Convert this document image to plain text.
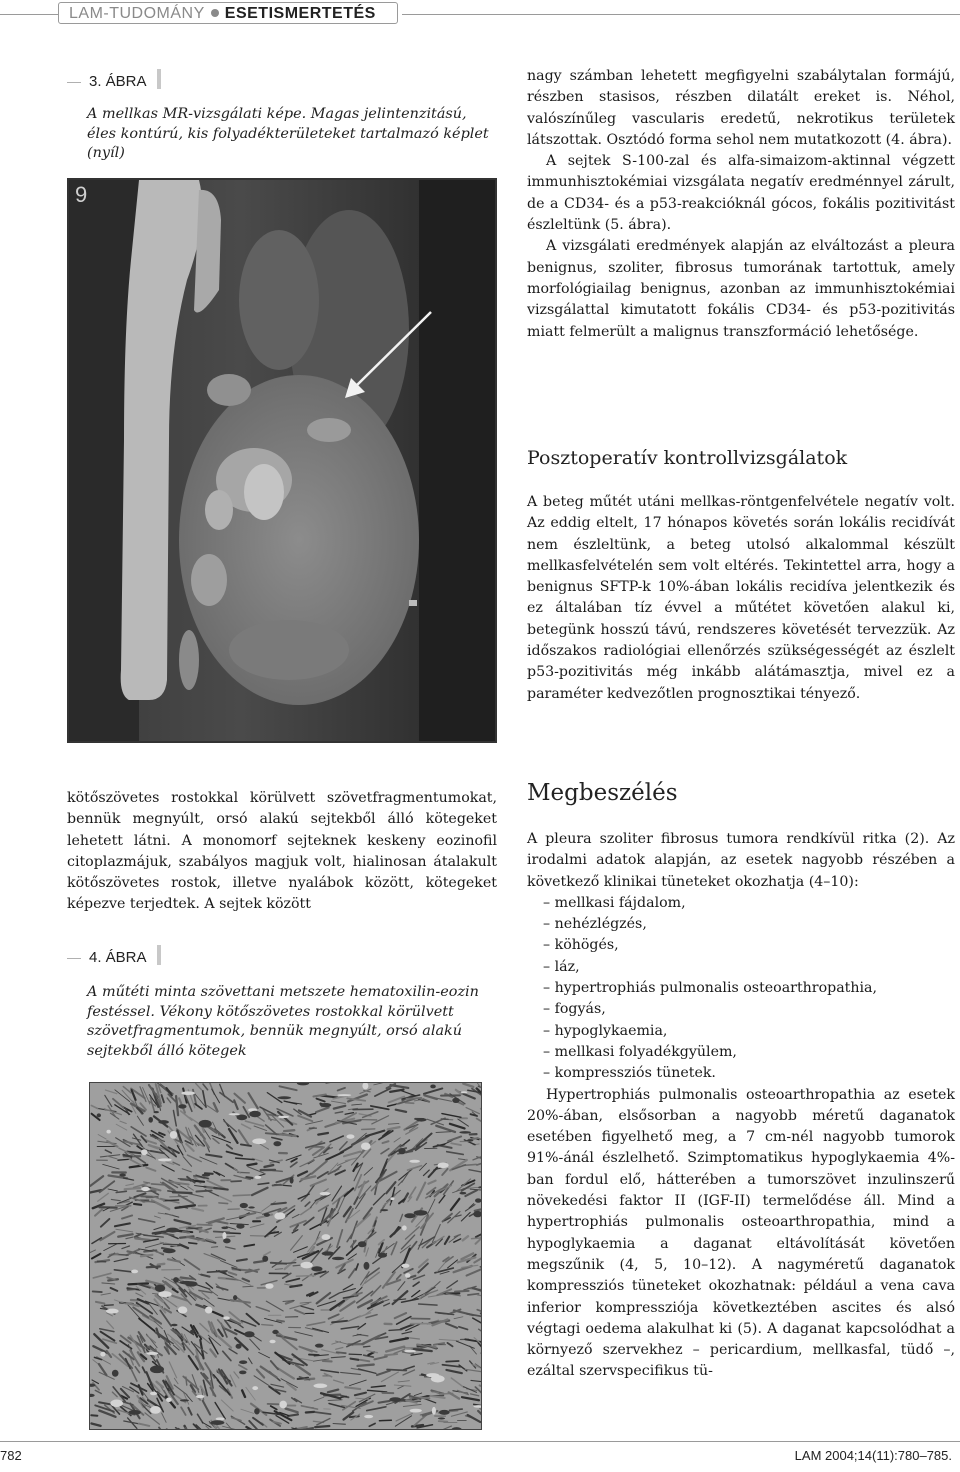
LAM-TUDOMÁNY ESETISMERTETÉS
3. ÁBRA
A mellkas MR-vizsgálati képe. Magas jelintenzitású, éles kontúrú, kis folyadékterületeket tartalmazó képlet (nyíl)
9

nagy számban lehetett megfigyelni szabálytalan formájú, részben stasisos, részben dilatált ereket is. Néhol, valószínűleg vascularis eredetű, nekrotikus területek látszottak. Osztódó forma sehol nem mutatkozott (4. ábra).

A sejtek S-100-zal és alfa-simaizom-aktinnal végzett immunhisztokémiai vizsgálata negatív eredménnyel zárult, de a CD34- és a p53-reakcióknál gócos, fokális pozitivitást észleltünk (5. ábra).

A vizsgálati eredmények alapján az elváltozást a pleura benignus, szoliter, fibrosus tumorának tartottuk, amely morfológiailag benignus, azonban az immunhisztokémiai vizsgálattal kimutatott fokális CD34- és p53-pozitivitás miatt felmerült a malignus transzformáció lehetősége.

Posztoperatív kontrollvizsgálatok

A beteg műtét utáni mellkas-röntgenfelvétele negatív volt. Az eddig eltelt, 17 hónapos követés során lokális recidívát nem észleltünk, a beteg utolsó alkalommal készült mellkasfelvételén sem volt eltérés. Tekintettel arra, hogy a benignus SFTP-k 10%-ában lokális recidíva jelentkezik és ez általában tíz évvel a műtétet követően alakul ki, betegünk hosszú távú, rendszeres követését tervezzük. Az időszakos radiológiai ellenőrzés szükségességét az észlelt p53-pozitivitás még inkább alátámasztja, mivel ez a paraméter kedvezőtlen prognosztikai tényező.

kötőszövetes rostokkal körülvett szövetfragmentumokat, bennük megnyúlt, orsó alakú sejtekből álló kötegeket lehetett látni. A monomorf sejteknek keskeny eozinofil citoplazmájuk, szabályos magjuk volt, hialinosan átalakult kötőszövetes rostok, illetve nyalábok között, kötegeket képezve terjedtek. A sejtek között

4. ÁBRA
A műtéti minta szövettani metszete hematoxilin-eozin festéssel. Vékony kötőszövetes rostokkal körülvett szövetfragmentumok, bennük megnyúlt, orsó alakú sejtekből álló kötegek
Megbeszélés

A pleura szoliter fibrosus tumora rendkívül ritka (2). Az irodalmi adatok alapján, az esetek nagyobb részében a következő klinikai tüneteket okozhatja (4–10):

– mellkasi fájdalom,
– nehézlégzés,
– köhögés,
– láz,
– hypertrophiás pulmonalis osteoarthropathia,
– fogyás,
– hypoglykaemia,
– mellkasi folyadékgyülem,
– kompressziós tünetek.

Hypertrophiás pulmonalis osteoarthropathia az esetek 20%-ában, elsősorban a nagyobb méretű daganatok esetében figyelhető meg, a 7 cm-nél nagyobb tumorok 91%-ánál észlelhető. Szimptomatikus hypoglykaemia 4%-ban fordul elő, hátterében a tumorszövet inzulinszerű növekedési faktor II (IGF-II) termelődése áll. Mind a hypertrophiás pulmonalis osteoarthropathia, mind a hypoglykaemia a daganat eltávolítását követően megszűnik (4, 5, 10–12). A nagyméretű daganatok kompressziós tüneteket okozhatnak: például a vena cava inferior kompressziója következtében ascites és alsó végtagi oedema alakulhat ki (5). A daganat kapcsolódhat a környező szervekhez – pericardium, mellkasfal, tüdő –, ezáltal szervspecifikus tü-

782	LAM 2004;14(11):780–785.
